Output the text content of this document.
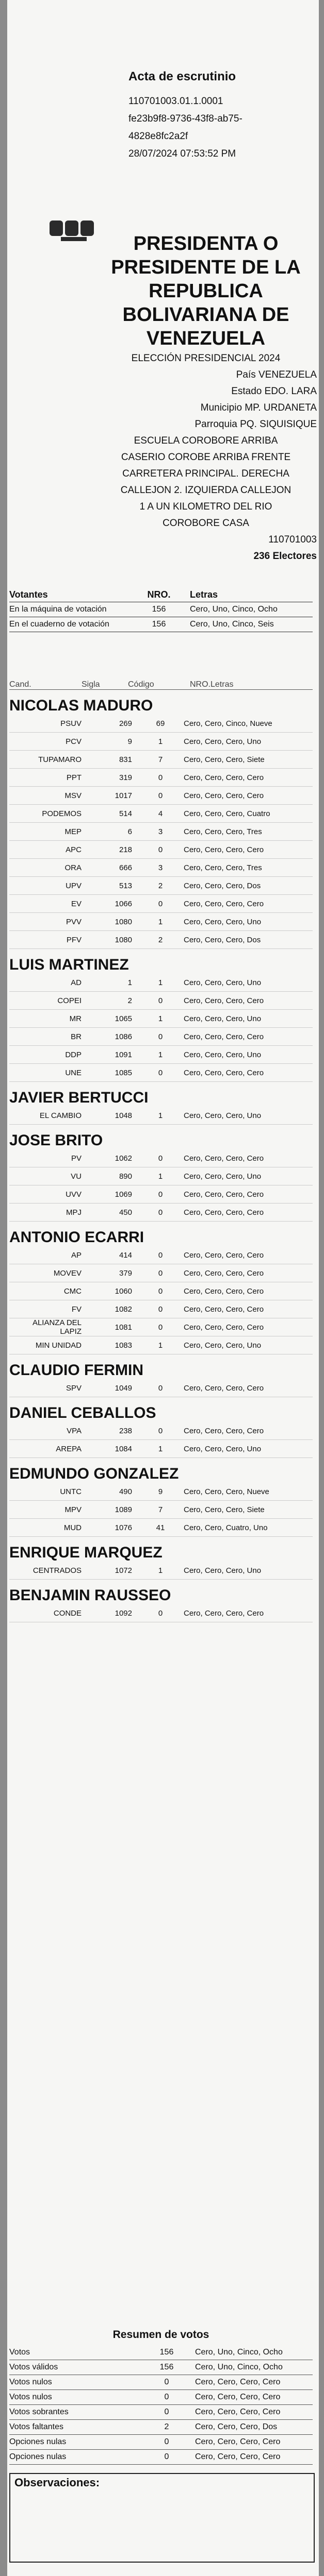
Acta de escrutinio
110701003.01.1.0001
fe23b9f8-9736-43f8-ab75-
4828e8fc2a2f
28/07/2024 07:53:52 PM
PRESIDENTA O
PRESIDENTE DE LA
REPUBLICA
BOLIVARIANA DE
VENEZUELA
ELECCIÓN PRESIDENCIAL 2024
País VENEZUELA
Estado EDO. LARA
Municipio MP. URDANETA
Parroquia PQ. SIQUISIQUE
ESCUELA COROBORE ARRIBA
CASERIO COROBE ARRIBA FRENTE
CARRETERA PRINCIPAL. DERECHA
CALLEJON 2. IZQUIERDA CALLEJON
1 A UN KILOMETRO DEL RIO
COROBORE CASA
110701003
236 Electores
Votantes	NRO.	Letras
En la máquina de votación	156	Cero, Uno, Cinco, Ocho
En el cuaderno de votación	156	Cero, Uno, Cinco, Seis
Cand.	Sigla	Código	NRO. Letras
NICOLAS MADURO
PSUV	269	69	Cero, Cero, Cinco, Nueve
PCV	9	1	Cero, Cero, Cero, Uno
TUPAMARO	831	7	Cero, Cero, Cero, Siete
PPT	319	0	Cero, Cero, Cero, Cero
MSV	1017	0	Cero, Cero, Cero, Cero
PODEMOS	514	4	Cero, Cero, Cero, Cuatro
MEP	6	3	Cero, Cero, Cero, Tres
APC	218	0	Cero, Cero, Cero, Cero
ORA	666	3	Cero, Cero, Cero, Tres
UPV	513	2	Cero, Cero, Cero, Dos
EV	1066	0	Cero, Cero, Cero, Cero
PVV	1080	1	Cero, Cero, Cero, Uno
PFV	1080	2	Cero, Cero, Cero, Dos
LUIS MARTINEZ
AD	1	1	Cero, Cero, Cero, Uno
COPEI	2	0	Cero, Cero, Cero, Cero
MR	1065	1	Cero, Cero, Cero, Uno
BR	1086	0	Cero, Cero, Cero, Cero
DDP	1091	1	Cero, Cero, Cero, Uno
UNE	1085	0	Cero, Cero, Cero, Cero
JAVIER BERTUCCI
EL CAMBIO	1048	1	Cero, Cero, Cero, Uno
JOSE BRITO
PV	1062	0	Cero, Cero, Cero, Cero
VU	890	1	Cero, Cero, Cero, Uno
UVV	1069	0	Cero, Cero, Cero, Cero
MPJ	450	0	Cero, Cero, Cero, Cero
ANTONIO ECARRI
AP	414	0	Cero, Cero, Cero, Cero
MOVEV	379	0	Cero, Cero, Cero, Cero
CMC	1060	0	Cero, Cero, Cero, Cero
FV	1082	0	Cero, Cero, Cero, Cero
ALIANZA DEL LAPIZ	1081	0	Cero, Cero, Cero, Cero
MIN UNIDAD	1083	1	Cero, Cero, Cero, Uno
CLAUDIO FERMIN
SPV	1049	0	Cero, Cero, Cero, Cero
DANIEL CEBALLOS
VPA	238	0	Cero, Cero, Cero, Cero
AREPA	1084	1	Cero, Cero, Cero, Uno
EDMUNDO GONZALEZ
UNTC	490	9	Cero, Cero, Cero, Nueve
MPV	1089	7	Cero, Cero, Cero, Siete
MUD	1076	41	Cero, Cero, Cuatro, Uno
ENRIQUE MARQUEZ
CENTRADOS	1072	1	Cero, Cero, Cero, Uno
BENJAMIN RAUSSEO
CONDE	1092	0	Cero, Cero, Cero, Cero
Resumen de votos
Votos	156	Cero, Uno, Cinco, Ocho
Votos válidos	156	Cero, Uno, Cinco, Ocho
Votos nulos	0	Cero, Cero, Cero, Cero
Votos nulos	0	Cero, Cero, Cero, Cero
Votos sobrantes	0	Cero, Cero, Cero, Cero
Votos faltantes	2	Cero, Cero, Cero, Dos
Opciones nulas	0	Cero, Cero, Cero, Cero
Opciones nulas	0	Cero, Cero, Cero, Cero
Observaciones:
